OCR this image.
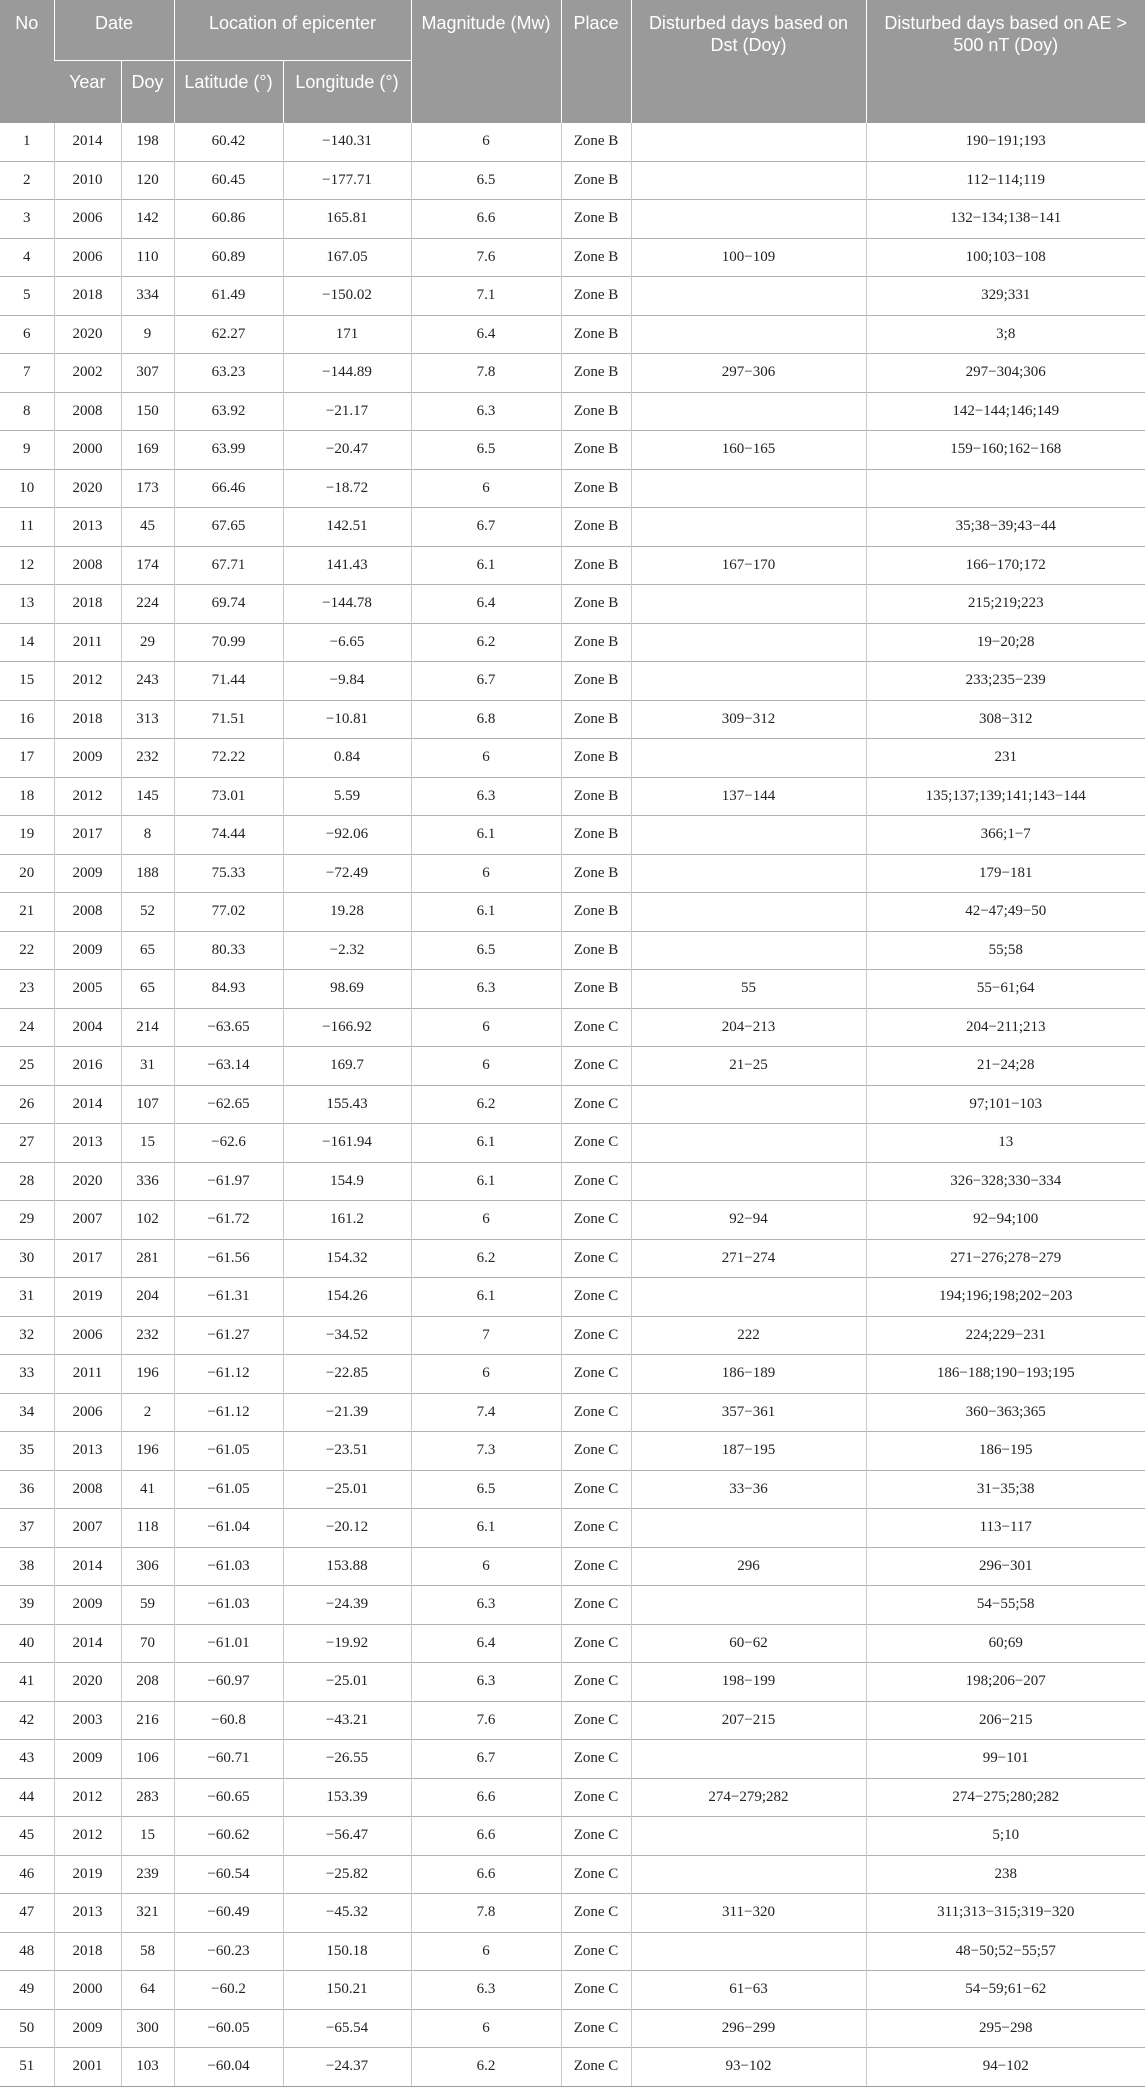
No	Date		Location of epicenter		Magnitude (Mw)	Place	Disturbed days based on Dst (Doy)	Disturbed days based on AE > 500 nT (Doy)
	Year	Doy	Latitude (°)	Longitude (°)				
1	2014	198	60.42	−140.31	6	Zone B		190−191;193
2	2010	120	60.45	−177.71	6.5	Zone B		112−114;119
3	2006	142	60.86	165.81	6.6	Zone B		132−134;138−141
4	2006	110	60.89	167.05	7.6	Zone B	100−109	100;103−108
5	2018	334	61.49	−150.02	7.1	Zone B		329;331
6	2020	9	62.27	171	6.4	Zone B		3;8
7	2002	307	63.23	−144.89	7.8	Zone B	297−306	297−304;306
8	2008	150	63.92	−21.17	6.3	Zone B		142−144;146;149
9	2000	169	63.99	−20.47	6.5	Zone B	160−165	159−160;162−168
10	2020	173	66.46	−18.72	6	Zone B		
11	2013	45	67.65	142.51	6.7	Zone B		35;38−39;43−44
12	2008	174	67.71	141.43	6.1	Zone B	167−170	166−170;172
13	2018	224	69.74	−144.78	6.4	Zone B		215;219;223
14	2011	29	70.99	−6.65	6.2	Zone B		19−20;28
15	2012	243	71.44	−9.84	6.7	Zone B		233;235−239
16	2018	313	71.51	−10.81	6.8	Zone B	309−312	308−312
17	2009	232	72.22	0.84	6	Zone B		231
18	2012	145	73.01	5.59	6.3	Zone B	137−144	135;137;139;141;143−144
19	2017	8	74.44	−92.06	6.1	Zone B		366;1−7
20	2009	188	75.33	−72.49	6	Zone B		179−181
21	2008	52	77.02	19.28	6.1	Zone B		42−47;49−50
22	2009	65	80.33	−2.32	6.5	Zone B		55;58
23	2005	65	84.93	98.69	6.3	Zone B	55	55−61;64
24	2004	214	−63.65	−166.92	6	Zone C	204−213	204−211;213
25	2016	31	−63.14	169.7	6	Zone C	21−25	21−24;28
26	2014	107	−62.65	155.43	6.2	Zone C		97;101−103
27	2013	15	−62.6	−161.94	6.1	Zone C		13
28	2020	336	−61.97	154.9	6.1	Zone C		326−328;330−334
29	2007	102	−61.72	161.2	6	Zone C	92−94	92−94;100
30	2017	281	−61.56	154.32	6.2	Zone C	271−274	271−276;278−279
31	2019	204	−61.31	154.26	6.1	Zone C		194;196;198;202−203
32	2006	232	−61.27	−34.52	7	Zone C	222	224;229−231
33	2011	196	−61.12	−22.85	6	Zone C	186−189	186−188;190−193;195
34	2006	2	−61.12	−21.39	7.4	Zone C	357−361	360−363;365
35	2013	196	−61.05	−23.51	7.3	Zone C	187−195	186−195
36	2008	41	−61.05	−25.01	6.5	Zone C	33−36	31−35;38
37	2007	118	−61.04	−20.12	6.1	Zone C		113−117
38	2014	306	−61.03	153.88	6	Zone C	296	296−301
39	2009	59	−61.03	−24.39	6.3	Zone C		54−55;58
40	2014	70	−61.01	−19.92	6.4	Zone C	60−62	60;69
41	2020	208	−60.97	−25.01	6.3	Zone C	198−199	198;206−207
42	2003	216	−60.8	−43.21	7.6	Zone C	207−215	206−215
43	2009	106	−60.71	−26.55	6.7	Zone C		99−101
44	2012	283	−60.65	153.39	6.6	Zone C	274−279;282	274−275;280;282
45	2012	15	−60.62	−56.47	6.6	Zone C		5;10
46	2019	239	−60.54	−25.82	6.6	Zone C		238
47	2013	321	−60.49	−45.32	7.8	Zone C	311−320	311;313−315;319−320
48	2018	58	−60.23	150.18	6	Zone C		48−50;52−55;57
49	2000	64	−60.2	150.21	6.3	Zone C	61−63	54−59;61−62
50	2009	300	−60.05	−65.54	6	Zone C	296−299	295−298
51	2001	103	−60.04	−24.37	6.2	Zone C	93−102	94−102
